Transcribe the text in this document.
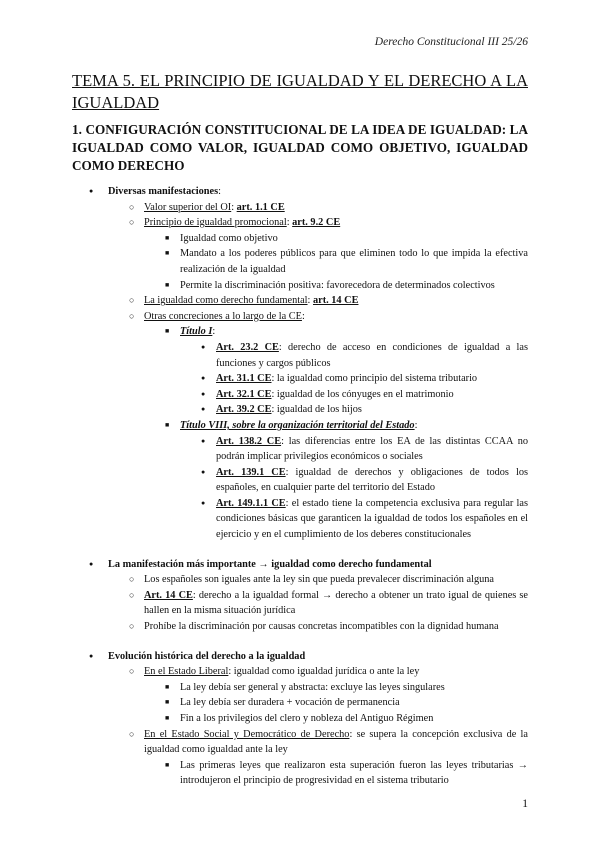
Derecho Constitucional III 25/26
TEMA 5. EL PRINCIPIO DE IGUALDAD Y EL DERECHO A LA IGUALDAD
1. CONFIGURACIÓN CONSTITUCIONAL DE LA IDEA DE IGUALDAD: LA IGUALDAD COMO VALOR, IGUALDAD COMO OBJETIVO, IGUALDAD COMO DERECHO
● Diversas manifestaciones:
○ Valor superior del OI: art. 1.1 CE
○ Principio de igualdad promocional: art. 9.2 CE
■ Igualdad como objetivo
■ Mandato a los poderes públicos para que eliminen todo lo que impida la efectiva realización de la igualdad
■ Permite la discriminación positiva: favorecedora de determinados colectivos
○ La igualdad como derecho fundamental: art. 14 CE
○ Otras concreciones a lo largo de la CE:
■ Título I:
● Art. 23.2 CE: derecho de acceso en condiciones de igualdad a las funciones y cargos públicos
● Art. 31.1 CE: la igualdad como principio del sistema tributario
● Art. 32.1 CE: igualdad de los cónyuges en el matrimonio
● Art. 39.2 CE: igualdad de los hijos
■ Título VIII, sobre la organización territorial del Estado:
● Art. 138.2 CE: las diferencias entre los EA de las distintas CCAA no podrán implicar privilegios económicos o sociales
● Art. 139.1 CE: igualdad de derechos y obligaciones de todos los españoles, en cualquier parte del territorio del Estado
● Art. 149.1.1 CE: el estado tiene la competencia exclusiva para regular las condiciones básicas que garanticen la igualdad de todos los españoles en el ejercicio y en el cumplimiento de los deberes constitucionales
● La manifestación más importante → igualdad como derecho fundamental
○ Los españoles son iguales ante la ley sin que pueda prevalecer discriminación alguna
○ Art. 14 CE: derecho a la igualdad formal → derecho a obtener un trato igual de quienes se hallen en la misma situación jurídica
○ Prohíbe la discriminación por causas concretas incompatibles con la dignidad humana
● Evolución histórica del derecho a la igualdad
○ En el Estado Liberal: igualdad como igualdad jurídica o ante la ley
■ La ley debía ser general y abstracta: excluye las leyes singulares
■ La ley debía ser duradera + vocación de permanencia
■ Fin a los privilegios del clero y nobleza del Antiguo Régimen
○ En el Estado Social y Democrático de Derecho: se supera la concepción exclusiva de la igualdad como igualdad ante la ley
■ Las primeras leyes que realizaron esta superación fueron las leyes tributarias → introdujeron el principio de progresividad en el sistema tributario
1
